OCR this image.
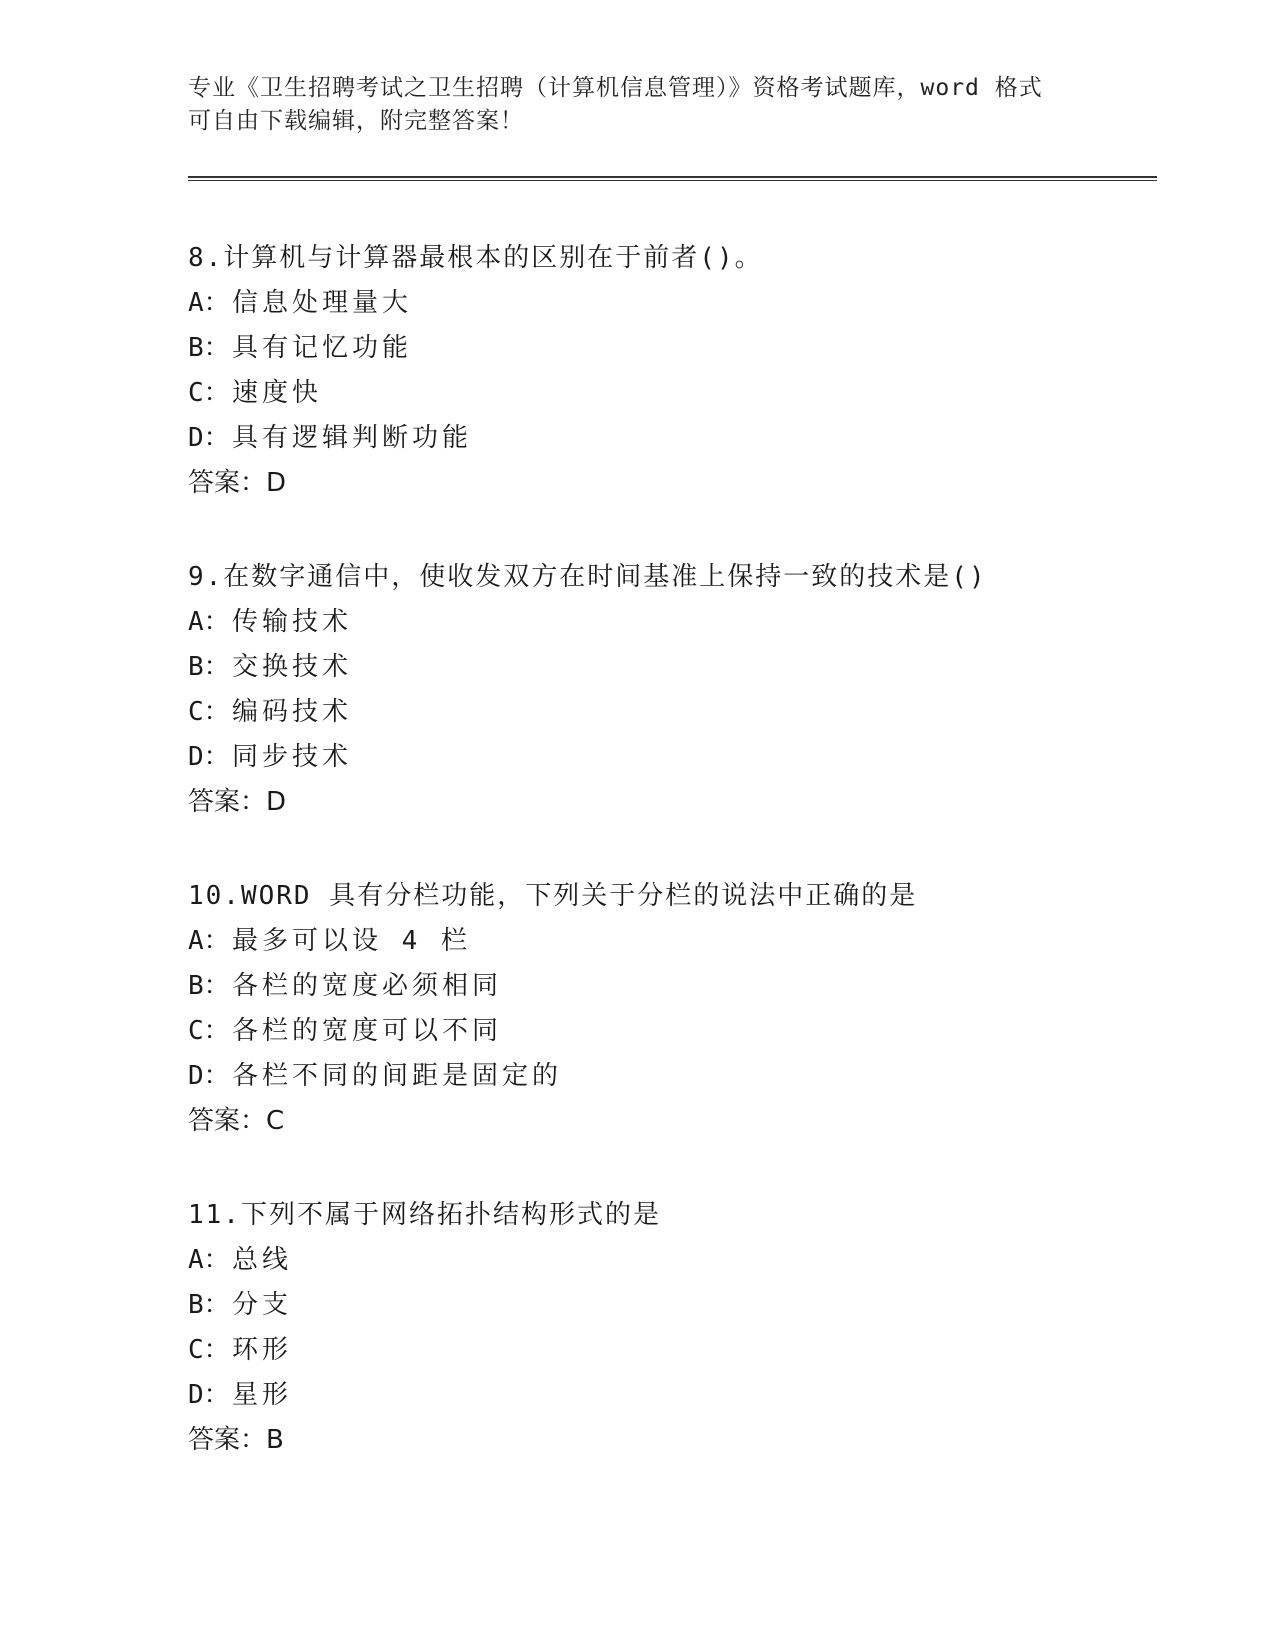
专业《卫生招聘考试之卫生招聘（计算机信息管理）》资格考试题库，word 格式
可自由下载编辑，附完整答案！
8.计算机与计算器最根本的区别在于前者()。
A：信息处理量大
B：具有记忆功能
C：速度快
D：具有逻辑判断功能
答案：D
9.在数字通信中，使收发双方在时间基准上保持一致的技术是()
A：传输技术
B：交换技术
C：编码技术
D：同步技术
答案：D
10.WORD 具有分栏功能，下列关于分栏的说法中正确的是
A：最多可以设 4 栏
B：各栏的宽度必须相同
C：各栏的宽度可以不同
D：各栏不同的间距是固定的
答案：C
11.下列不属于网络拓扑结构形式的是
A：总线
B：分支
C：环形
D：星形
答案：B
